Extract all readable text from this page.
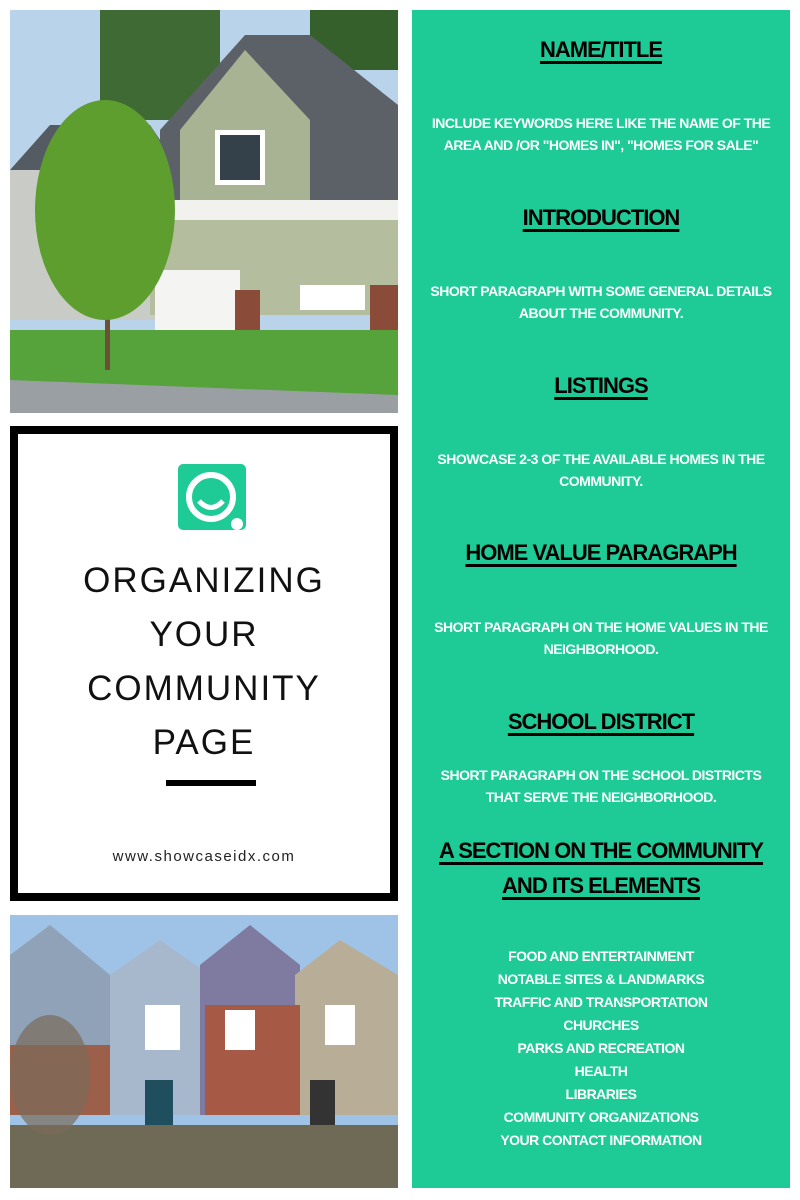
ORGANIZING
YOUR
COMMUNITY
PAGE
www.showcaseidx.com
NAME/TITLE
INCLUDE KEYWORDS HERE LIKE THE NAME OF THE
AREA AND /OR "HOMES IN", "HOMES FOR SALE"
INTRODUCTION
SHORT PARAGRAPH WITH SOME GENERAL DETAILS
ABOUT THE COMMUNITY.
LISTINGS
SHOWCASE 2-3 OF THE AVAILABLE HOMES IN THE
COMMUNITY.
HOME VALUE PARAGRAPH
SHORT PARAGRAPH ON THE HOME VALUES IN THE
NEIGHBORHOOD.
SCHOOL DISTRICT
SHORT PARAGRAPH ON THE SCHOOL DISTRICTS
THAT SERVE THE NEIGHBORHOOD.
A SECTION ON THE COMMUNITY
AND ITS ELEMENTS
FOOD AND ENTERTAINMENT
NOTABLE SITES & LANDMARKS
TRAFFIC AND TRANSPORTATION
CHURCHES
PARKS AND RECREATION
HEALTH
LIBRARIES
COMMUNITY ORGANIZATIONS
YOUR CONTACT INFORMATION
